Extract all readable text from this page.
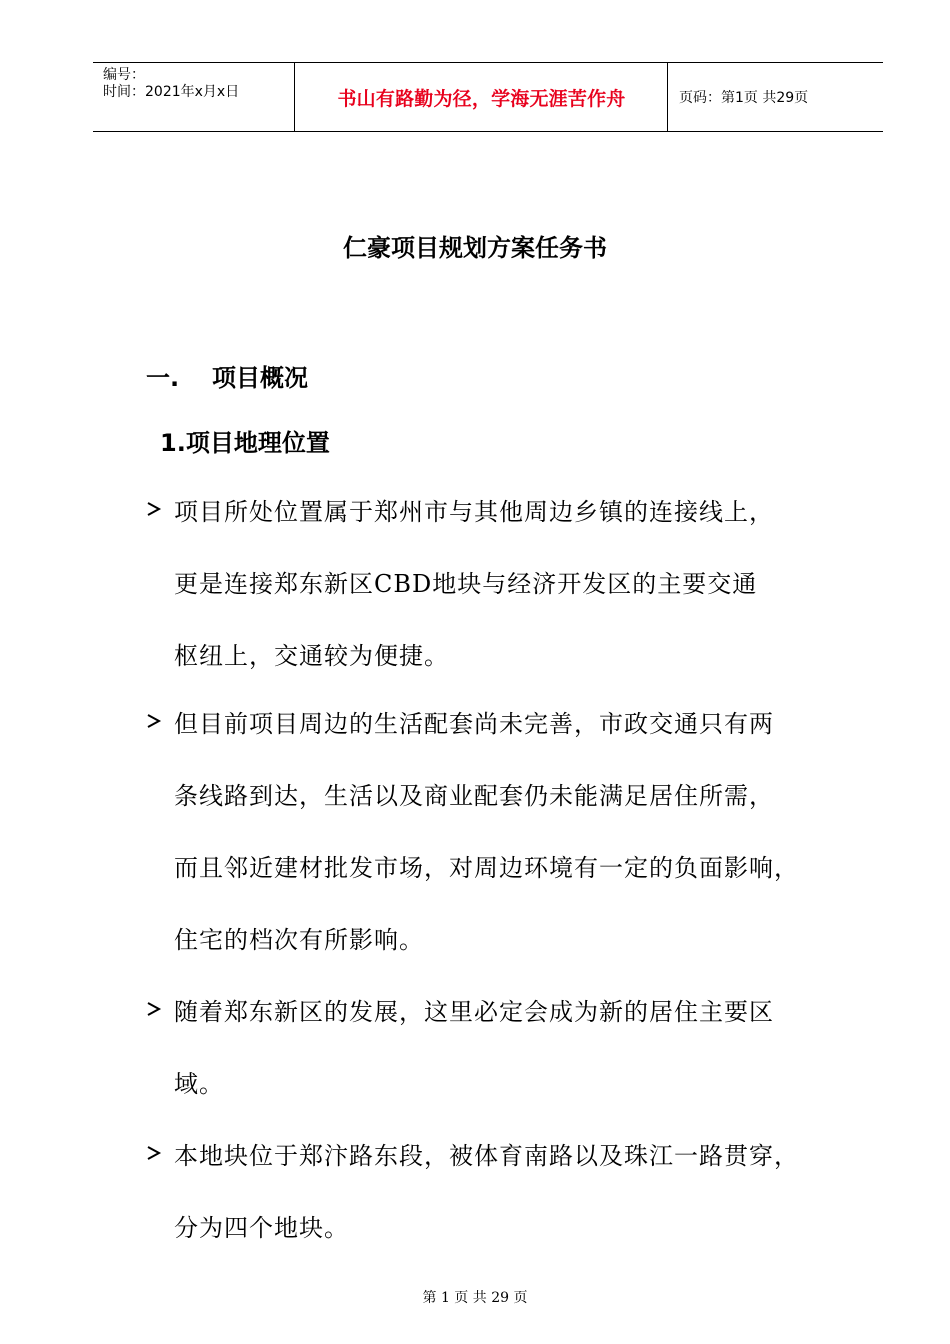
编号：
时间：2021年x月x日	书山有路勤为径，学海无涯苦作舟	页码：第1页 共29页
仁豪项目规划方案任务书
一. 项目概况
1.项目地理位置
项目所处位置属于郑州市与其他周边乡镇的连接线上，
更是连接郑东新区CBD地块与经济开发区的主要交通
枢纽上，交通较为便捷。
但目前项目周边的生活配套尚未完善，市政交通只有两
条线路到达，生活以及商业配套仍未能满足居住所需，
而且邻近建材批发市场，对周边环境有一定的负面影响，
住宅的档次有所影响。
随着郑东新区的发展，这里必定会成为新的居住主要区
域。
本地块位于郑汴路东段，被体育南路以及珠江一路贯穿，
分为四个地块。
第 1 页 共 29 页
